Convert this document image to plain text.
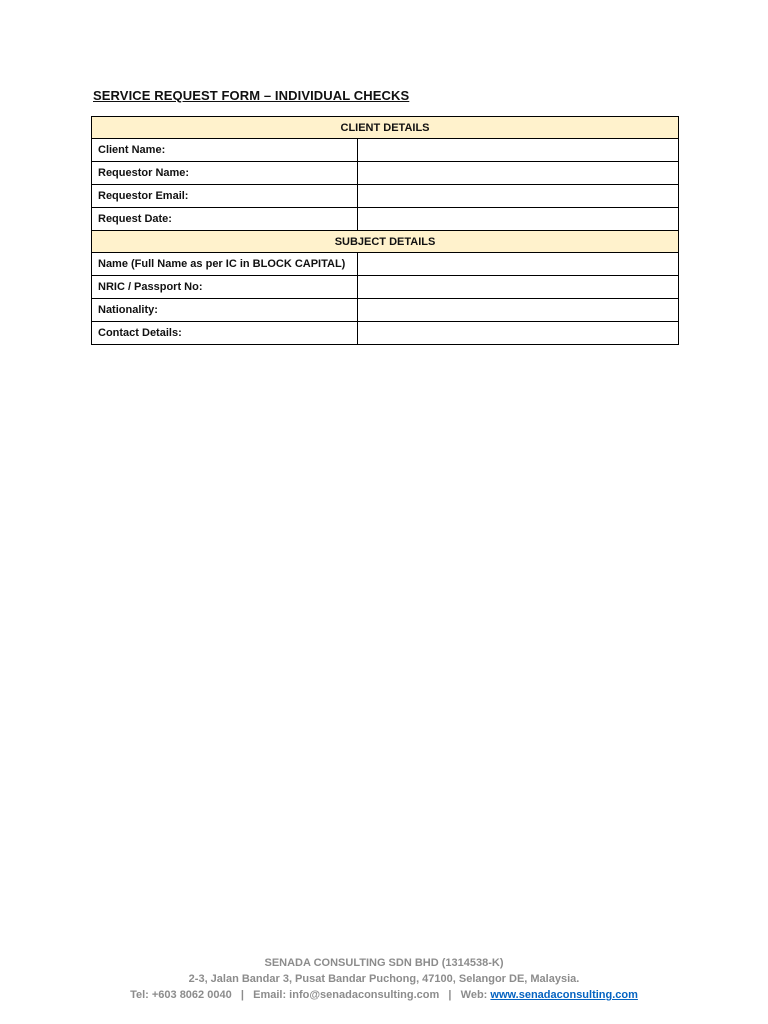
SERVICE REQUEST FORM – INDIVIDUAL CHECKS
CLIENT DETAILS	
Client Name:	
Requestor Name:	
Requestor Email:	
Request Date:	
SUBJECT DETAILS	
Name (Full Name as per IC in BLOCK CAPITAL)	
NRIC / Passport No:	
Nationality:	
Contact Details:	
SENADA CONSULTING SDN BHD (1314538-K)
2-3, Jalan Bandar 3, Pusat Bandar Puchong, 47100, Selangor DE, Malaysia.
Tel: +603 8062 0040   |   Email: info@senadaconsulting.com   |   Web: www.senadaconsulting.com
